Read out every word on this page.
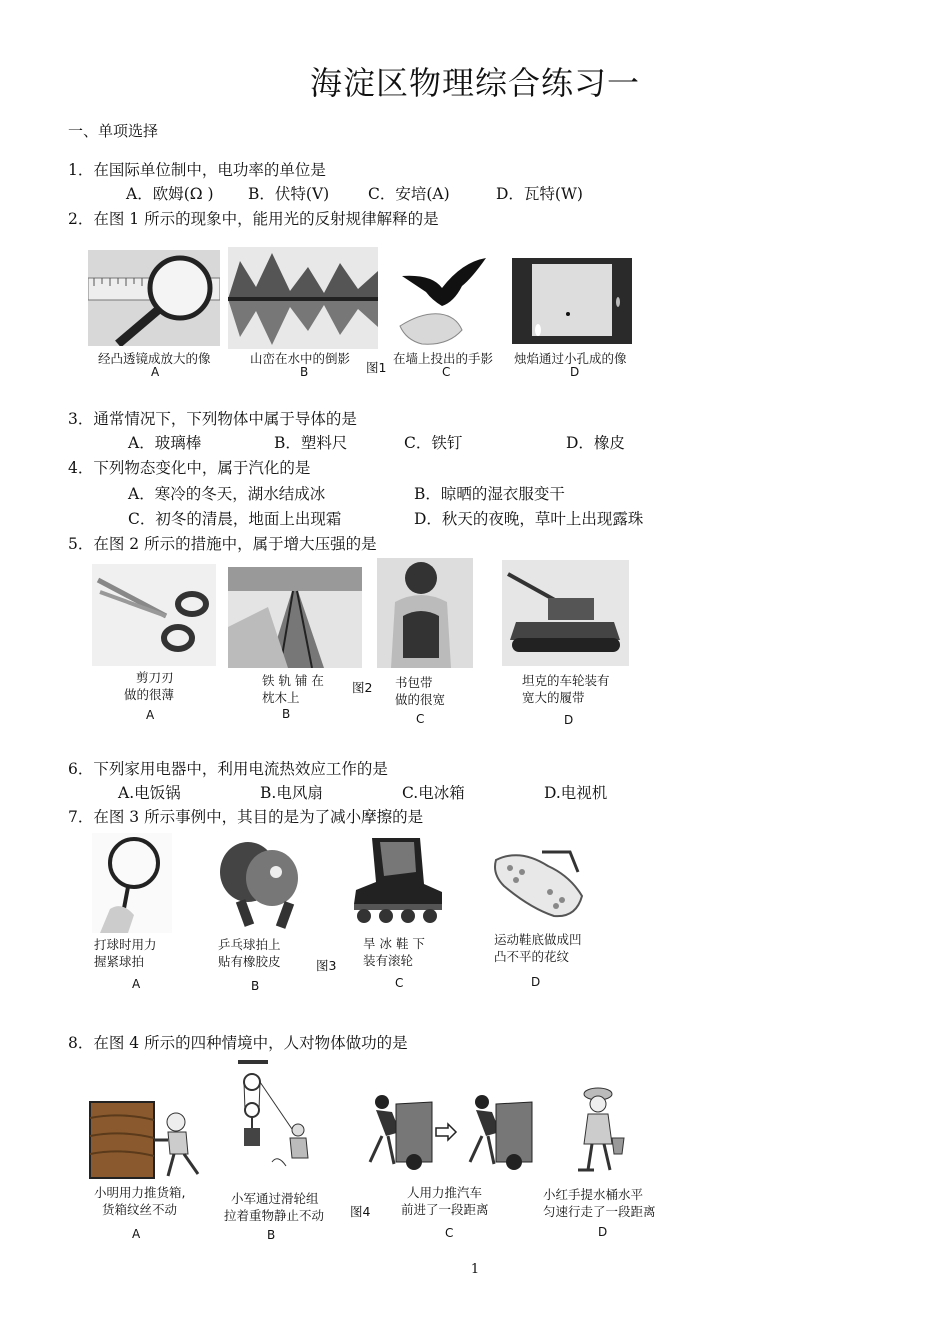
海淀区物理综合练习一
一、单项选择
1．在国际单位制中，电功率的单位是
A．欧姆(Ω ) B．伏特(V)	C．安培(A)	D．瓦特(W)
2．在图 1 所示的现象中，能用光的反射规律解释的是
经凸透镜成放大的像	山峦在水中的倒影
图1
在墙上投出的手影 烛焰通过小孔成的像
A	B	C	D
3．通常情况下，下列物体中属于导体的是
A．玻璃棒	B．塑料尺	C．铁钉	D．橡皮
4．下列物态变化中，属于汽化的是
A．寒冷的冬天，湖水结成冰	B．晾晒的湿衣服变干
C．初冬的清晨，地面上出现霜	D．秋天的夜晚，草叶上出现露珠
5．在图 2 所示的措施中，属于增大压强的是
剪刀刃
做的很薄
铁 轨 铺 在
枕木上
图2 书包带
做的很宽
坦克的车轮装有
宽大的履带
A	B	C	D
6．下列家用电器中，利用电流热效应工作的是
A.电饭锅	B.电风扇	C.电冰箱	D.电视机
7．在图 3 所示事例中，其目的是为了减小摩擦的是
打球时用力
握紧球拍
乒乓球拍上
贴有橡胶皮	图3
旱 冰 鞋 下
装有滚轮
运动鞋底做成凹
凸不平的花纹
A	B	C	D
8．在图 4 所示的四种情境中，人对物体做功的是
小明用力推货箱,
货箱纹丝不动
小军通过滑轮组
拉着重物静止不动 图4
人用力推汽车
前进了一段距离
小红手提水桶水平
匀速行走了一段距离
A	B	C	D
1
